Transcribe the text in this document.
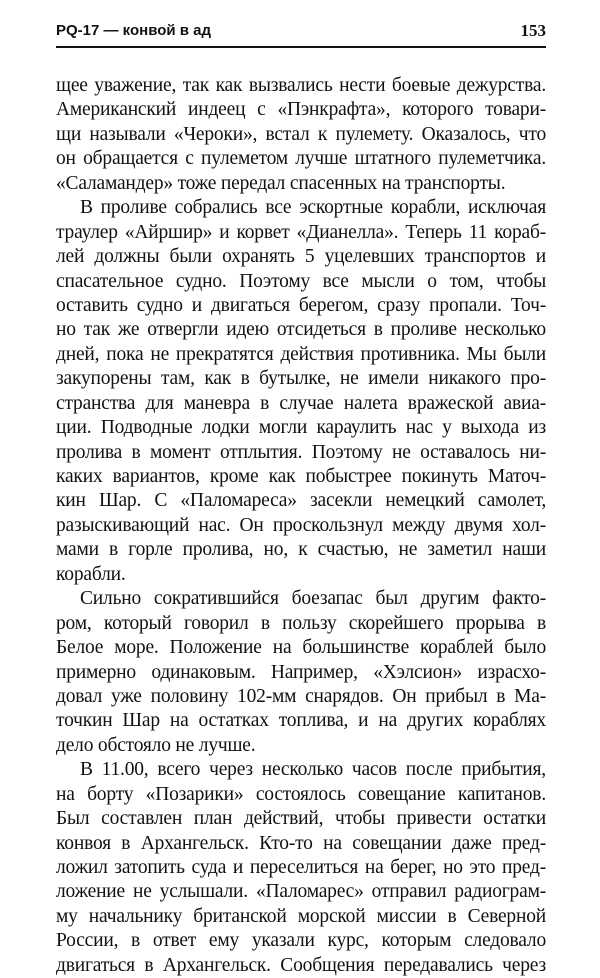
PQ-17 — конвой в ад	153
щее уважение, так как вызвались нести боевые дежурства.
Американский индеец с «Пэнкрафта», которого товари-
щи называли «Чероки», встал к пулемету. Оказалось, что
он обращается с пулеметом лучше штатного пулеметчика.
«Саламандер» тоже передал спасенных на транспорты.
В проливе собрались все эскортные корабли, исключая
траулер «Айршир» и корвет «Дианелла». Теперь 11 кораб-
лей должны были охранять 5 уцелевших транспортов и
спасательное судно. Поэтому все мысли о том, чтобы
оставить судно и двигаться берегом, сразу пропали. Точ-
но так же отвергли идею отсидеться в проливе несколько
дней, пока не прекратятся действия противника. Мы были
закупорены там, как в бутылке, не имели никакого про-
странства для маневра в случае налета вражеской авиа-
ции. Подводные лодки могли караулить нас у выхода из
пролива в момент отплытия. Поэтому не оставалось ни-
каких вариантов, кроме как побыстрее покинуть Маточ-
кин Шар. С «Паломареса» засекли немецкий самолет,
разыскивающий нас. Он проскользнул между двумя хол-
мами в горле пролива, но, к счастью, не заметил наши
корабли.
Сильно сократившийся боезапас был другим факто-
ром, который говорил в пользу скорейшего прорыва в
Белое море. Положение на большинстве кораблей было
примерно одинаковым. Например, «Хэлсион» израсхо-
довал уже половину 102-мм снарядов. Он прибыл в Ма-
точкин Шар на остатках топлива, и на других кораблях
дело обстояло не лучше.
В 11.00, всего через несколько часов после прибытия,
на борту «Позарики» состоялось совещание капитанов.
Был составлен план действий, чтобы привести остатки
конвоя в Архангельск. Кто-то на совещании даже пред-
ложил затопить суда и переселиться на берег, но это пред-
ложение не услышали. «Паломарес» отправил радиограм-
му начальнику британской морской миссии в Северной
России, в ответ ему указали курс, которым следовало
двигаться в Архангельск. Сообщения передавались через
